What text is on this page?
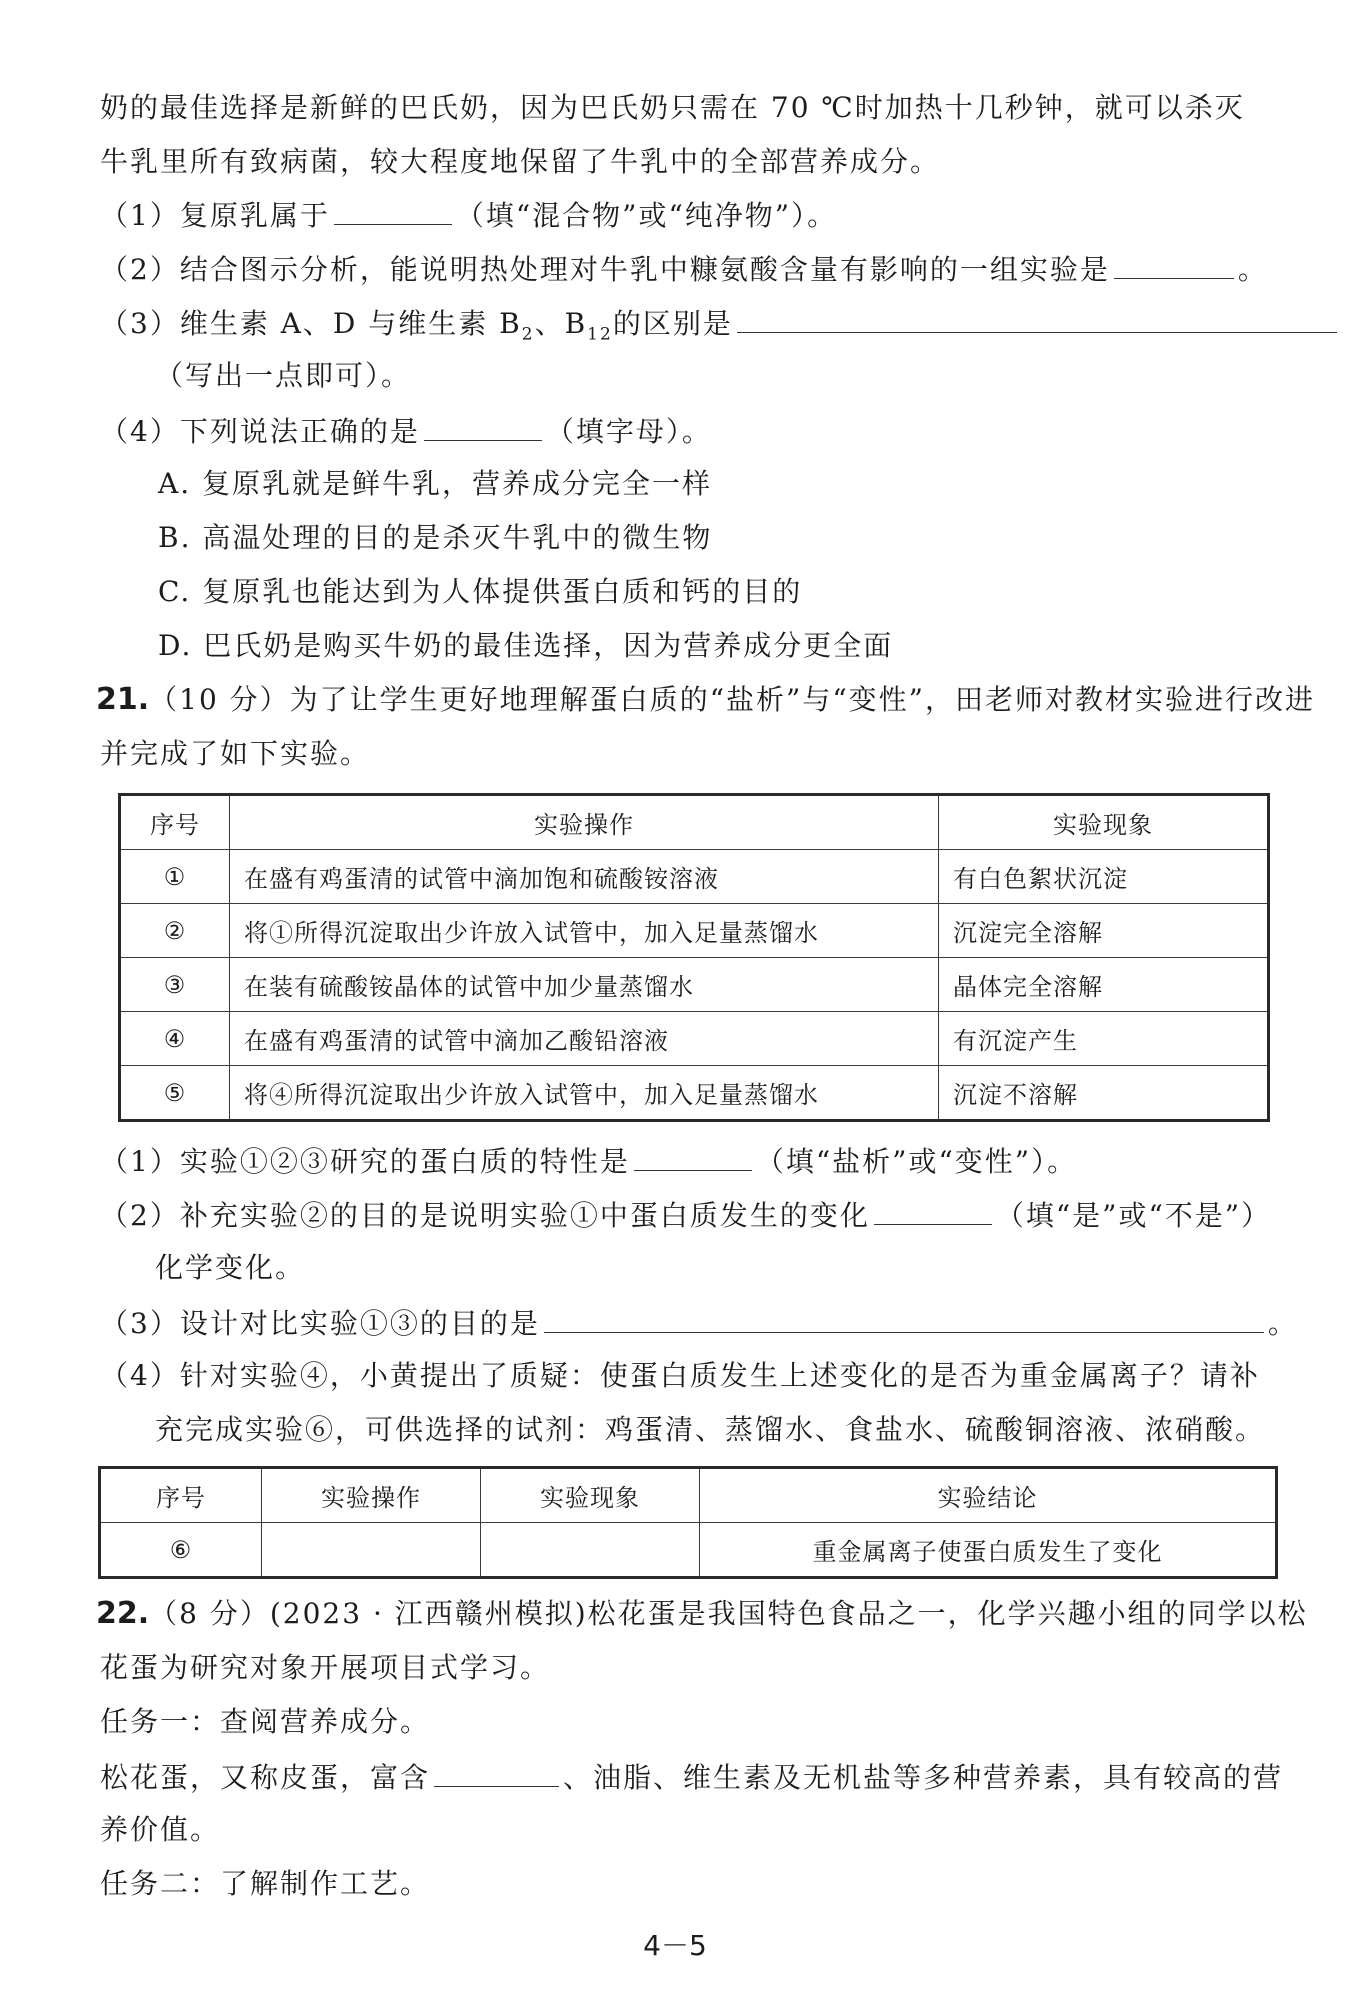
奶的最佳选择是新鲜的巴氏奶，因为巴氏奶只需在 70 ℃时加热十几秒钟，就可以杀灭
牛乳里所有致病菌，较大程度地保留了牛乳中的全部营养成分。
（1）复原乳属于	（填“混合物”或“纯净物”）。
（2）结合图示分析，能说明热处理对牛乳中糠氨酸含量有影响的一组实验是	。
（3）维生素 A、D 与维生素 $B_2$、$B_{12}$的区别是
（写出一点即可）。
（4）下列说法正确的是	（填字母）。
A. 复原乳就是鲜牛乳，营养成分完全一样
B. 高温处理的目的是杀灭牛乳中的微生物
C. 复原乳也能达到为人体提供蛋白质和钙的目的
D. 巴氏奶是购买牛奶的最佳选择，因为营养成分更全面
21.（10 分）为了让学生更好地理解蛋白质的“盐析”与“变性”，田老师对教材实验进行改进
并完成了如下实验。
序号	实验操作	实验现象
①	在盛有鸡蛋清的试管中滴加饱和硫酸铵溶液	有白色絮状沉淀
②	将①所得沉淀取出少许放入试管中，加入足量蒸馏水	沉淀完全溶解
③	在装有硫酸铵晶体的试管中加少量蒸馏水	晶体完全溶解
④	在盛有鸡蛋清的试管中滴加乙酸铅溶液	有沉淀产生
⑤	将④所得沉淀取出少许放入试管中，加入足量蒸馏水	沉淀不溶解
（1）实验①②③研究的蛋白质的特性是	（填“盐析”或“变性”）。
（2）补充实验②的目的是说明实验①中蛋白质发生的变化	（填“是”或“不是”）
化学变化。
（3）设计对比实验①③的目的是	。
（4）针对实验④，小黄提出了质疑：使蛋白质发生上述变化的是否为重金属离子？请补
充完成实验⑥，可供选择的试剂：鸡蛋清、蒸馏水、食盐水、硫酸铜溶液、浓硝酸。
序号	实验操作	实验现象	实验结论
⑥			重金属离子使蛋白质发生了变化
22.（8 分）(2023 · 江西赣州模拟)松花蛋是我国特色食品之一，化学兴趣小组的同学以松
花蛋为研究对象开展项目式学习。
任务一：查阅营养成分。
松花蛋，又称皮蛋，富含	、油脂、维生素及无机盐等多种营养素，具有较高的营
养价值。
任务二：了解制作工艺。
4－5
